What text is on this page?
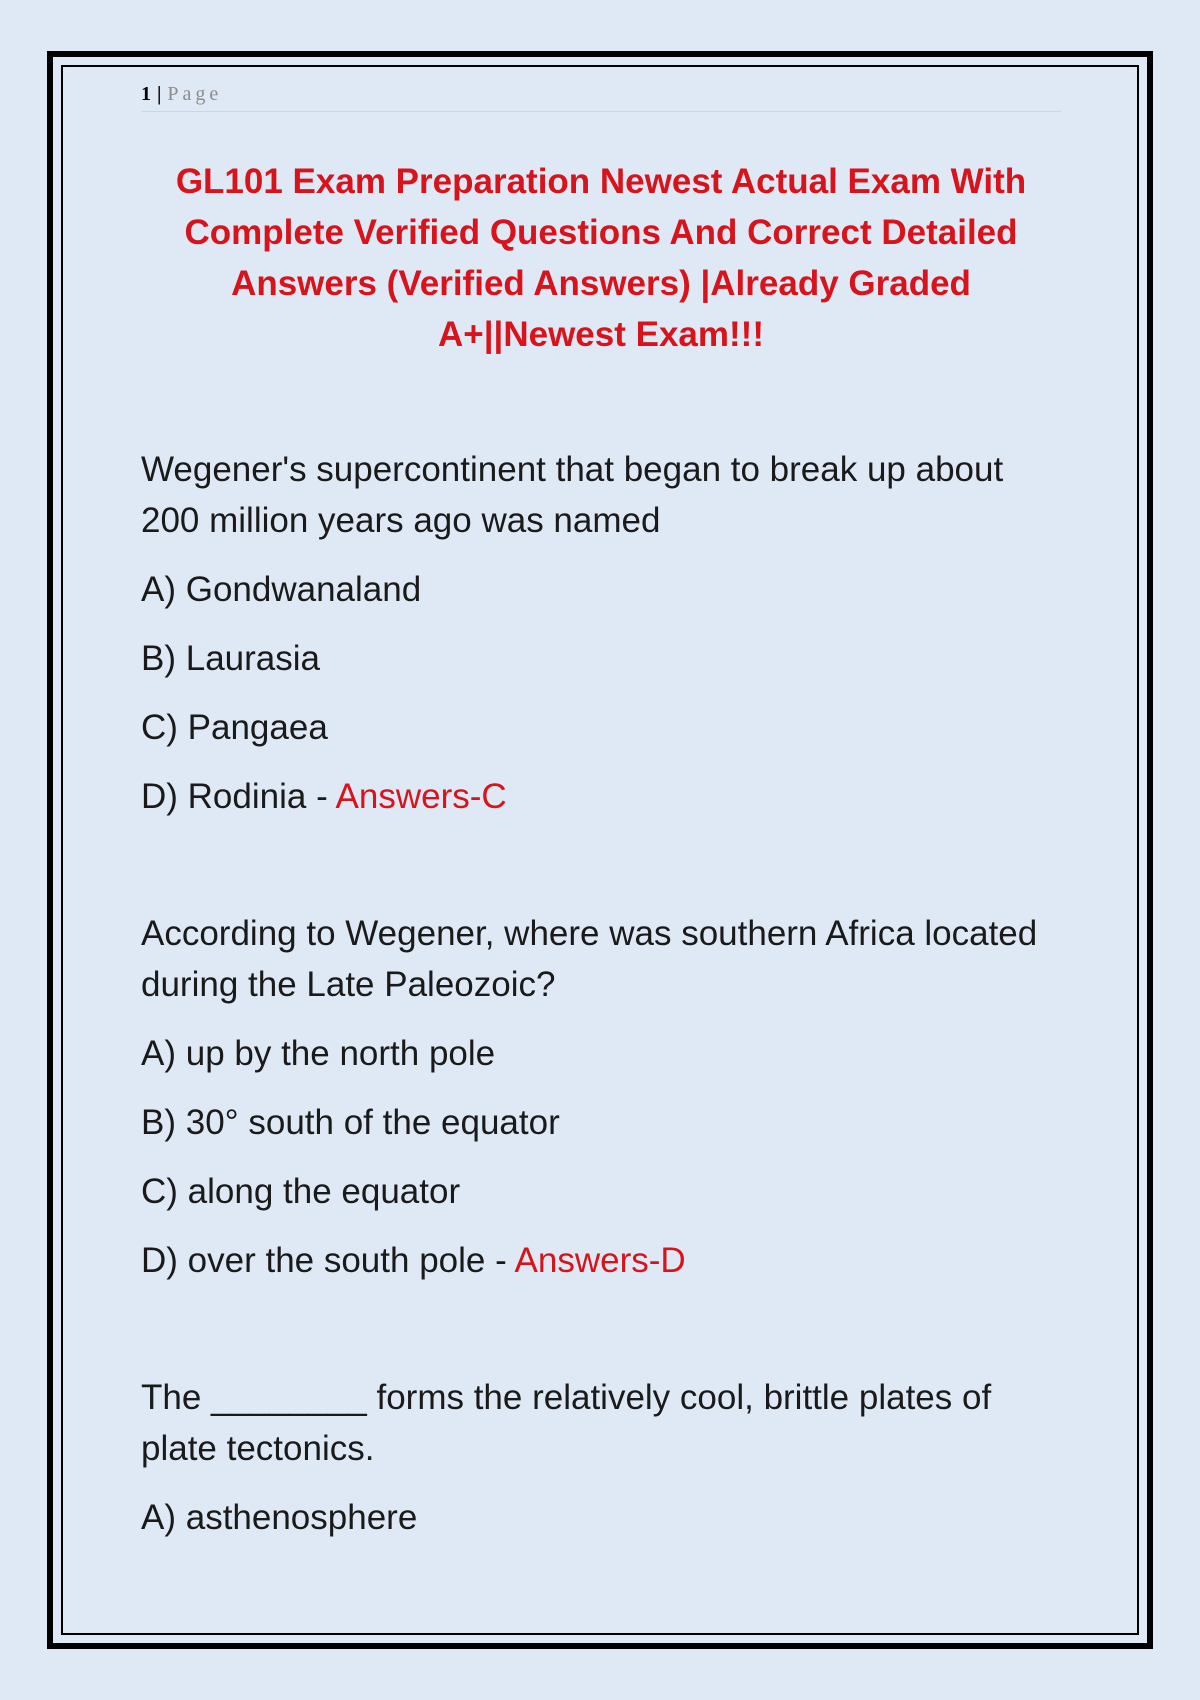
1 | Page
GL101 Exam Preparation Newest Actual Exam With
Complete Verified Questions And Correct Detailed
Answers (Verified Answers) |Already Graded
A+||Newest Exam!!!

Wegener's supercontinent that began to break up about
200 million years ago was named

A) Gondwanaland
B) Laurasia
C) Pangaea
D) Rodinia - Answers-C

According to Wegener, where was southern Africa located
during the Late Paleozoic?

A) up by the north pole
B) 30° south of the equator
C) along the equator
D) over the south pole - Answers-D

The ________ forms the relatively cool, brittle plates of
plate tectonics.

A) asthenosphere
